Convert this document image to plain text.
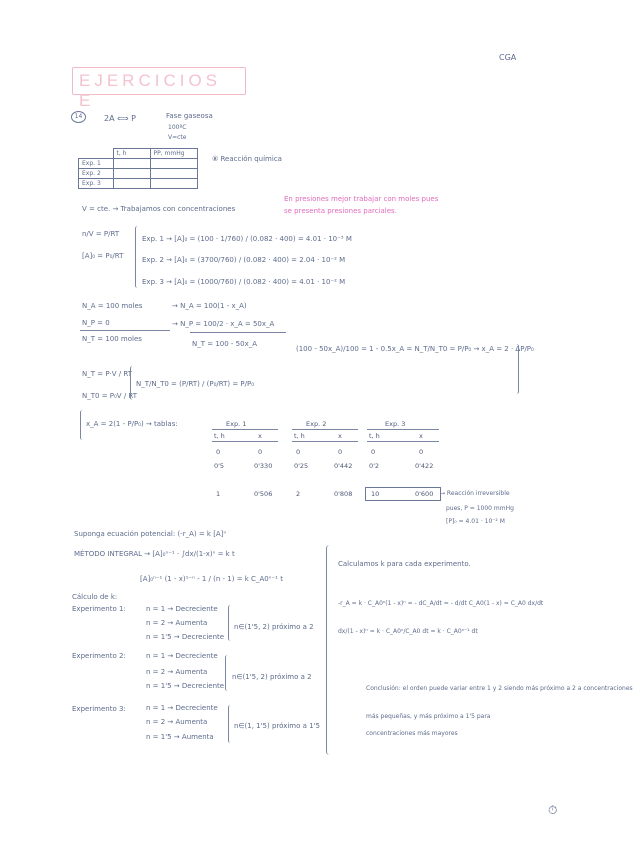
CGA
EJERCICIOS E
14	2A ⟺ P	Fase gaseosa
100ºC
V=cte
	t, h	PP, mmHg
Exp. 1		
Exp. 2		
Exp. 3		
⑧ Reacción química
V = cte. → Trabajamos con concentraciones
En presiones mejor trabajar con moles pues
se presenta presiones parciales.
n/V = P/RT
[A]₀ = P₀/RT
Exp. 1 → [A]₀ = (100 · 1/760) / (0.082 · 400) = 4.01 · 10⁻³ M
Exp. 2 → [A]₀ = (3700/760) / (0.082 · 400) = 2.04 · 10⁻² M
Exp. 3 → [A]₀ = (1000/760) / (0.082 · 400) = 4.01 · 10⁻² M
N_A = 100 moles
N_P = 0
N_T = 100 moles
→ N_A = 100(1 - x_A)
→ N_P = 100/2 · x_A = 50x_A
N_T = 100 - 50x_A
(100 - 50x_A)/100 = 1 - 0.5x_A = N_T/N_T0 = P/P₀ → x_A = 2 · ΔP/P₀
N_T = P·V / RT
N_T0 = P₀V / RT
N_T/N_T0 = (P/RT) / (P₀/RT) = P/P₀
x_A = 2(1 - P/P₀) → tablas:	Exp. 1
t, h	x
0	0
0'5	0'330
1	0'506
Exp. 2
t, h	x
0	0
0'25	0'442
2	0'808
Exp. 3
t, h	x
0	0
0'2	0'422
10	0'600 → Reacción irreversible
pues, P = 1000 mmHg
[P]₀ = 4.01 · 10⁻² M
Suponga ecuación potencial: (-r_A) = k [A]ⁿ
MÉTODO INTEGRAL → [A]₀ⁿ⁻¹ · ∫dx/(1-x)ⁿ = k t
[A]₀ⁿ⁻¹ (1 - x)¹⁻ⁿ - 1 / (n - 1) = k C_A0ⁿ⁻¹ t
Cálculo de k:
Experimento 1:	n = 1 → Decreciente
n = 2 → Aumenta
n = 1'5 → Decreciente
n∈(1'5, 2) próximo a 2
Experimento 2:	n = 1 → Decreciente
n = 2 → Aumenta
n = 1'5 → Decreciente
n∈(1'5, 2) próximo a 2
Experimento 3:	n = 1 → Decreciente
n = 2 → Aumenta
n = 1'5 → Aumenta
n∈(1, 1'5) próximo a 1'5
Calculamos k para cada experimento.
-r_A = k · C_A0ⁿ(1 - x)ⁿ = - dC_A/dt = - d/dt C_A0(1 - x) = C_A0 dx/dt
dx/(1 - x)ⁿ = k · C_A0ⁿ/C_A0 dt = k · C_A0ⁿ⁻¹ dt
Conclusión: el orden puede variar entre 1 y 2 siendo más próximo a 2 a concentraciones
más pequeñas, y más próximo a 1'5 para
concentraciones más mayores
⏱
